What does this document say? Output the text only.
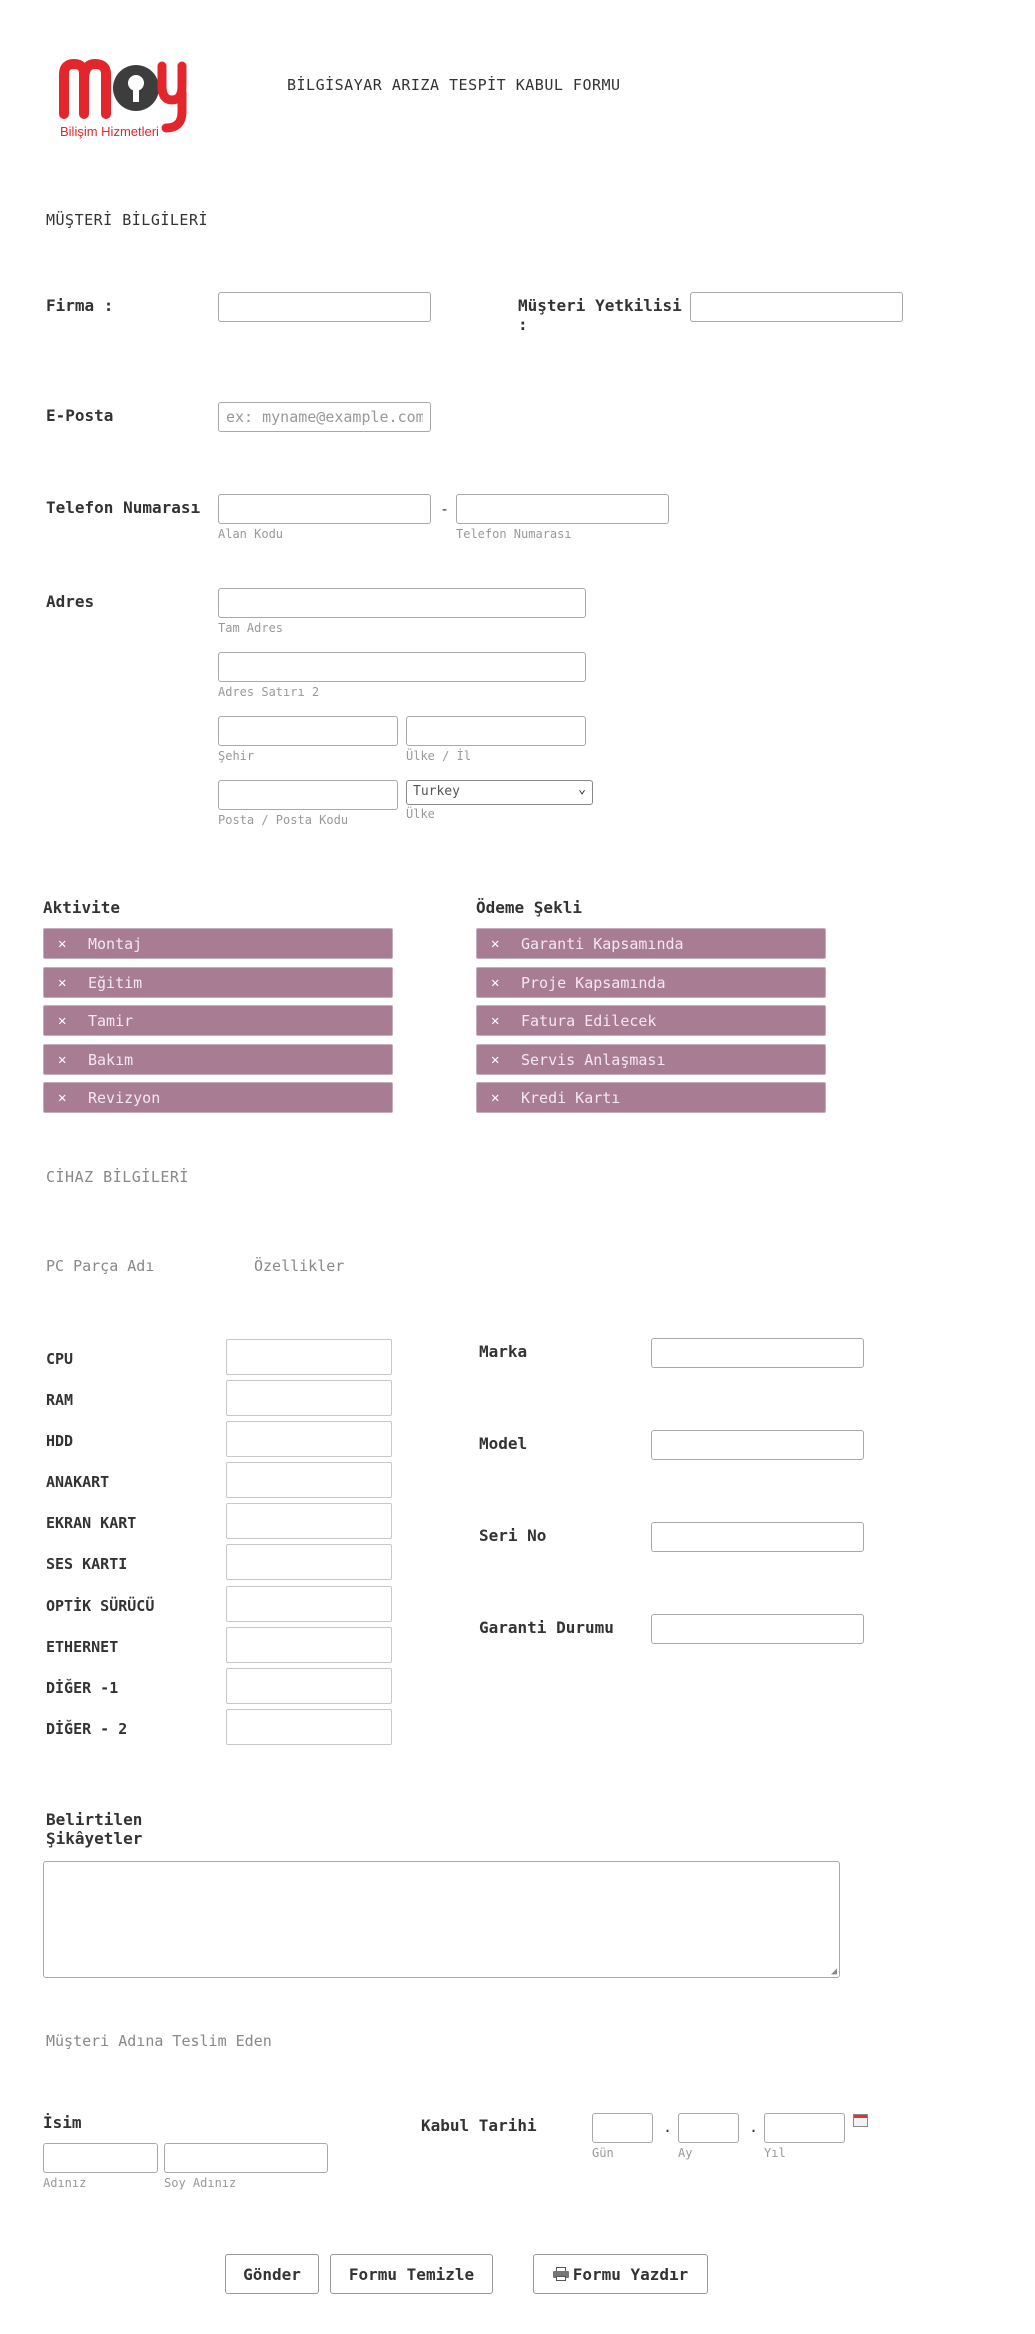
Bilişim Hizmetleri
BİLGİSAYAR ARIZA TESPİT KABUL FORMU
MÜŞTERİ BİLGİLERİ
Firma :	Müşteri Yetkilisi
:
E-Posta
ex: myname@example.com
Telefon Numarası	-
Alan Kodu	Telefon Numarası
Adres
Tam Adres
Adres Satırı 2
Şehir	Ülke / İl
Turkey	⌄
Posta / Posta Kodu	Ülke
Aktivite	Ödeme Şekli
✕	Montaj
✕	Eğitim
✕	Tamir
✕	Bakım
✕	Revizyon
✕	Garanti Kapsamında
✕	Proje Kapsamında
✕	Fatura Edilecek
✕	Servis Anlaşması
✕	Kredi Kartı
CİHAZ BİLGİLERİ
PC Parça Adı	Özellikler
CPU
RAM
HDD
ANAKART
EKRAN KART
SES KARTI
OPTİK SÜRÜCÜ
ETHERNET
DİĞER -1
DİĞER - 2
Marka
Model
Seri No
Garanti Durumu
Belirtilen
Şikâyetler
◢
Müşteri Adına Teslim Eden
İsim
Adınız	Soy Adınız
Kabul Tarihi	.	.
Gün	Ay	Yıl
Gönder	Formu Temizle	Formu Yazdır
